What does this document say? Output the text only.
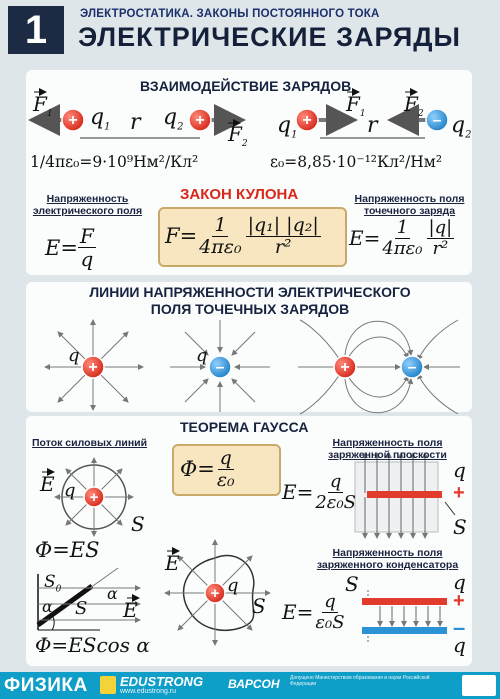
1	ЭЛЕКТРОСТАТИКА. ЗАКОНЫ ПОСТОЯННОГО ТОКА
ЭЛЕКТРИЧЕСКИЕ ЗАРЯДЫ
ВЗАИМОДЕЙСТВИЕ ЗАРЯДОВ
+	+	+	–
+	–	+	–
+
+
$F_1$ $q_1$ r $q_2$ $F_2$
$q_1$
$F_1$ r
$F_2$ $q_2$
1/4πε₀=9·10⁹Нм²/Кл²	ε₀=8,85·10⁻¹²Кл²/Нм²
Напряженность электрического поля
$E= \frac{F}{q}$
ЗАКОН КУЛОНА
$F= \frac{1}{\text{4πε₀}} \frac{\text{|q₁| |q₂|}}{\text{r²}}$
Напряженность поля точечного заряда
$E= \frac{1}{\text{4πε₀}} \frac{|q|}{\text{r²}}$
ЛИНИИ НАПРЯЖЕННОСТИ ЭЛЕКТРИЧЕСКОГО
ПОЛЯ ТОЧЕЧНЫХ ЗАРЯДОВ
q	q
ТЕОРЕМА ГАУССА
Поток силовых линий
$\Phi= \frac{q}{\text{ε₀}}$
E q
S
Φ=ES
$S_0$
α
α
S E
Φ=EScos α
E
q
S
Напряженность поля заряженной плоскости
$E= \frac{q}{\text{2ε₀S}}$
q
+
S
Напряженность поля заряженного конденсатора
$E= \frac{q}{\text{ε₀S}}$
S	q
+
–
q
ФИЗИКА EDUSTRONG
www.edustrong.ru
ВАРСОН Допущено Министерством образования и науки Российской Федерации
